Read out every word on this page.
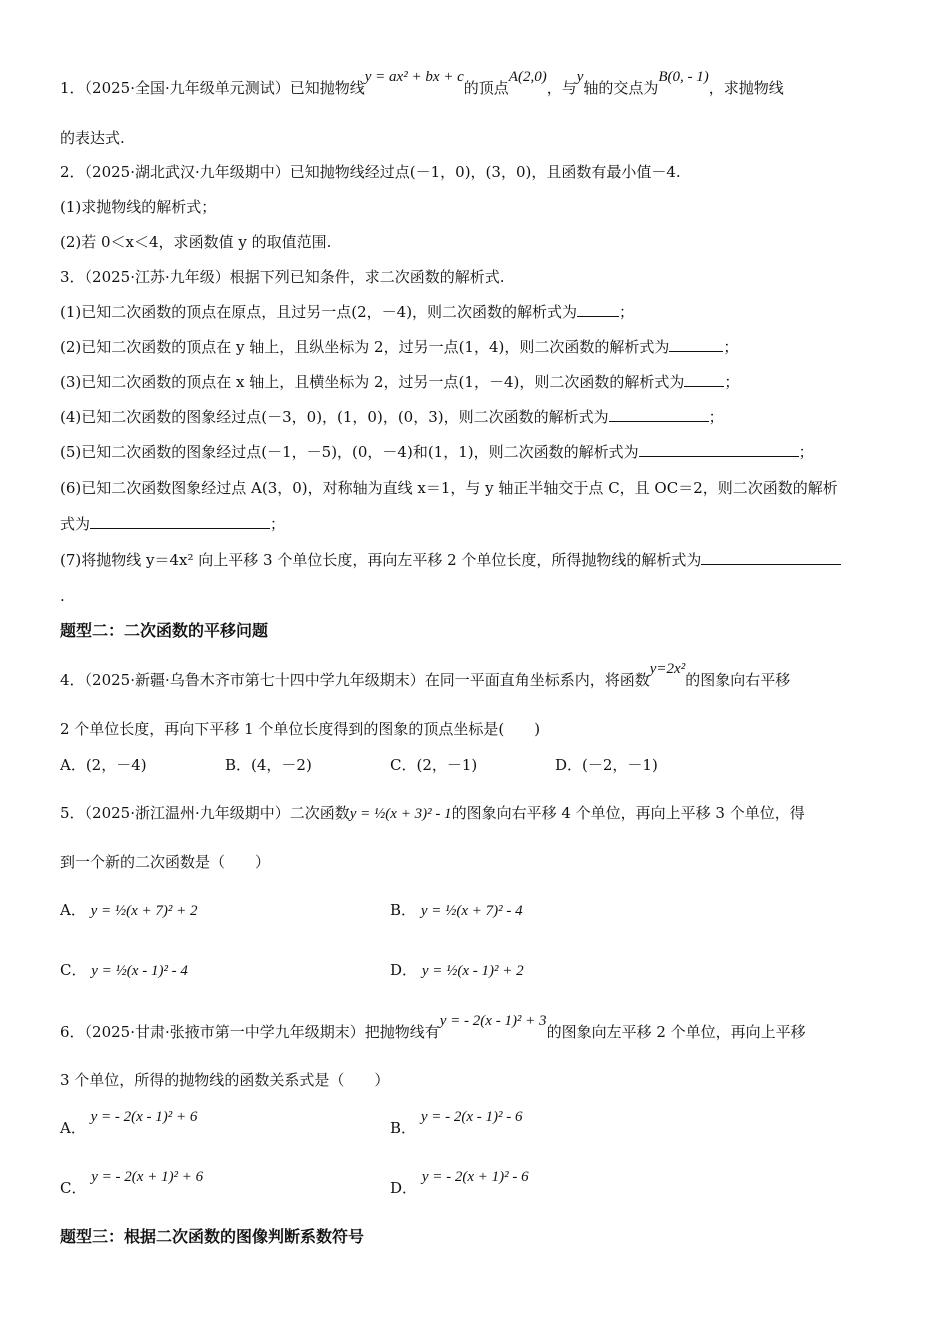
1．（2025·全国·九年级单元测试）已知抛物线y = ax² + bx + c的顶点A(2,0)，与y轴的交点为B(0, - 1)，求抛物线
的表达式.
2．（2025·湖北武汉·九年级期中）已知抛物线经过点(－1，0)，(3，0)，且函数有最小值－4.
(1)求抛物线的解析式；
(2)若 0＜x＜4，求函数值 y 的取值范围.
3．（2025·江苏·九年级）根据下列已知条件，求二次函数的解析式.
(1)已知二次函数的顶点在原点，且过另一点(2，－4)，则二次函数的解析式为	；
(2)已知二次函数的顶点在 y 轴上，且纵坐标为 2，过另一点(1，4)，则二次函数的解析式为	；
(3)已知二次函数的顶点在 x 轴上，且横坐标为 2，过另一点(1，－4)，则二次函数的解析式为	；
(4)已知二次函数的图象经过点(－3，0)，(1，0)，(0，3)，则二次函数的解析式为	；
(5)已知二次函数的图象经过点(－1，－5)，(0，－4)和(1，1)，则二次函数的解析式为	；
(6)已知二次函数图象经过点 A(3，0)，对称轴为直线 x＝1，与 y 轴正半轴交于点 C，且 OC＝2，则二次函数的解析
式为	；
(7)将抛物线 y＝4x² 向上平移 3 个单位长度，再向左平移 2 个单位长度，所得抛物线的解析式为
.
题型二：二次函数的平移问题
4．（2025·新疆·乌鲁木齐市第七十四中学九年级期末）在同一平面直角坐标系内，将函数y=2x²的图象向右平移
2 个单位长度，再向下平移 1 个单位长度得到的图象的顶点坐标是(　　)
A．(2，－4)	B．(4，－2)	C．(2，－1)	D．(－2，－1)
5．（2025·浙江温州·九年级期中）二次函数y = ½(x + 3)² - 1的图象向右平移 4 个单位，再向上平移 3 个单位，得
到一个新的二次函数是（　　）
A． y = ½(x + 7)² + 2	B． y = ½(x + 7)² - 4
C． y = ½(x - 1)² - 4	D． y = ½(x - 1)² + 2
6．（2025·甘肃·张掖市第一中学九年级期末）把抛物线有y = - 2(x - 1)² + 3的图象向左平移 2 个单位，再向上平移
3 个单位，所得的抛物线的函数关系式是（　　）
A． y = - 2(x - 1)² + 6
B． y = - 2(x - 1)² - 6
C． y = - 2(x + 1)² + 6
D． y = - 2(x + 1)² - 6
题型三：根据二次函数的图像判断系数符号
